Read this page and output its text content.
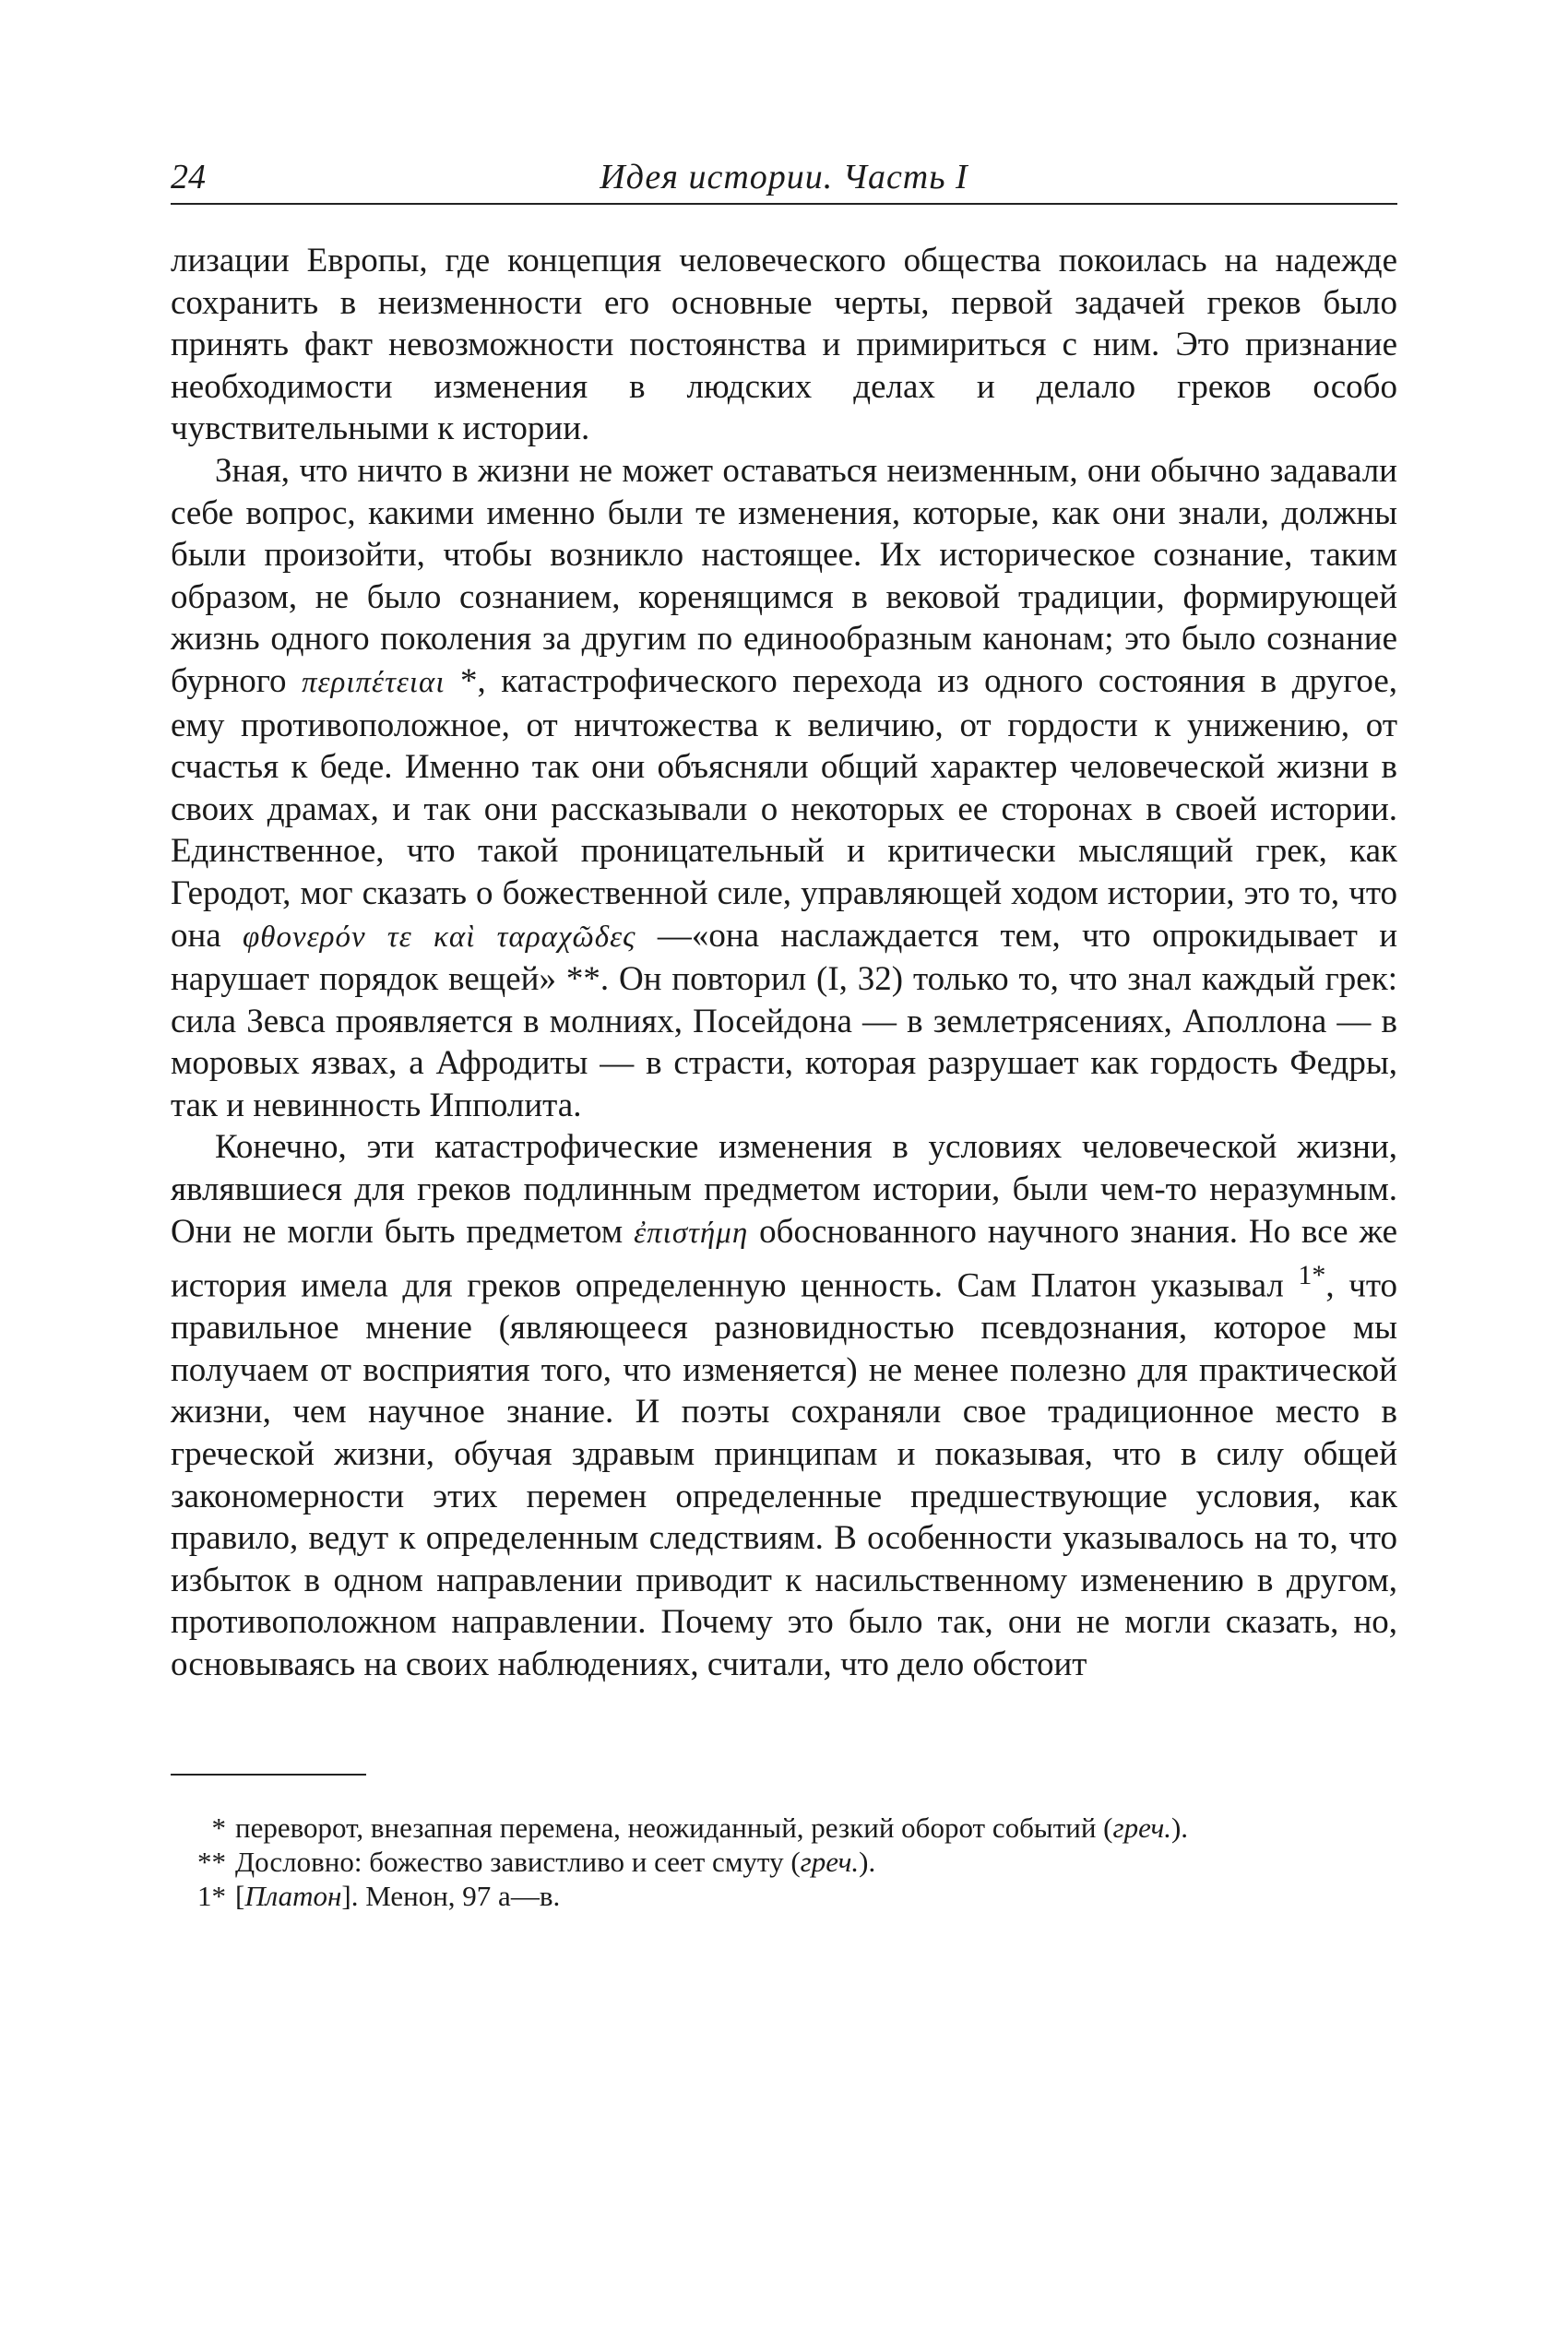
24	Идея истории. Часть I

лизации Европы, где концепция человеческого общества покоилась на надежде сохранить в неизменности его основные черты, первой задачей греков было принять факт невозможности постоянства и примириться с ним. Это признание необходимости изменения в людских делах и делало греков особо чувствительными к истории.

Зная, что ничто в жизни не может оставаться неизменным, они обычно задавали себе вопрос, какими именно были те изменения, которые, как они знали, должны были произойти, чтобы возникло настоящее. Их историческое сознание, таким образом, не было сознанием, коренящимся в вековой традиции, формирующей жизнь одного поколения за другим по единообразным канонам; это было сознание бурного περιπέτειαι *, катастрофического перехода из одного состояния в другое, ему противоположное, от ничтожества к величию, от гордости к унижению, от счастья к беде. Именно так они объясняли общий характер человеческой жизни в своих драмах, и так они рассказывали о некоторых ее сторонах в своей истории. Единственное, что такой проницательный и критически мыслящий грек, как Геродот, мог сказать о божественной силе, управляющей ходом истории, это то, что она φθονερόν τε καὶ ταραχῶδες —«она наслаждается тем, что опрокидывает и нарушает порядок вещей» **. Он повторил (I, 32) только то, что знал каждый грек: сила Зевса проявляется в молниях, Посейдона — в землетрясениях, Аполлона — в моровых язвах, а Афродиты — в страсти, которая разрушает как гордость Федры, так и невинность Ипполита.

Конечно, эти катастрофические изменения в условиях человеческой жизни, являвшиеся для греков подлинным предметом истории, были чем-то неразумным. Они не могли быть предметом ἐπιστήμη обоснованного научного знания. Но все же история имела для греков определенную ценность. Сам Платон указывал $^{1*}$, что правильное мнение (являющееся разновидностью псевдознания, которое мы получаем от восприятия того, что изменяется) не менее полезно для практической жизни, чем научное знание. И поэты сохраняли свое традиционное место в греческой жизни, обучая здравым принципам и показывая, что в силу общей закономерности этих перемен определенные предшествующие условия, как правило, ведут к определенным следствиям. В особенности указывалось на то, что избыток в одном направлении приводит к насильственному изменению в другом, противоположном направлении. Почему это было так, они не могли сказать, но, основываясь на своих наблюдениях, считали, что дело обстоит

* переворот, внезапная перемена, неожиданный, резкий оборот событий (греч.).

** Дословно: божество завистливо и сеет смуту (греч.).

1* [Платон]. Менон, 97 a—в.
